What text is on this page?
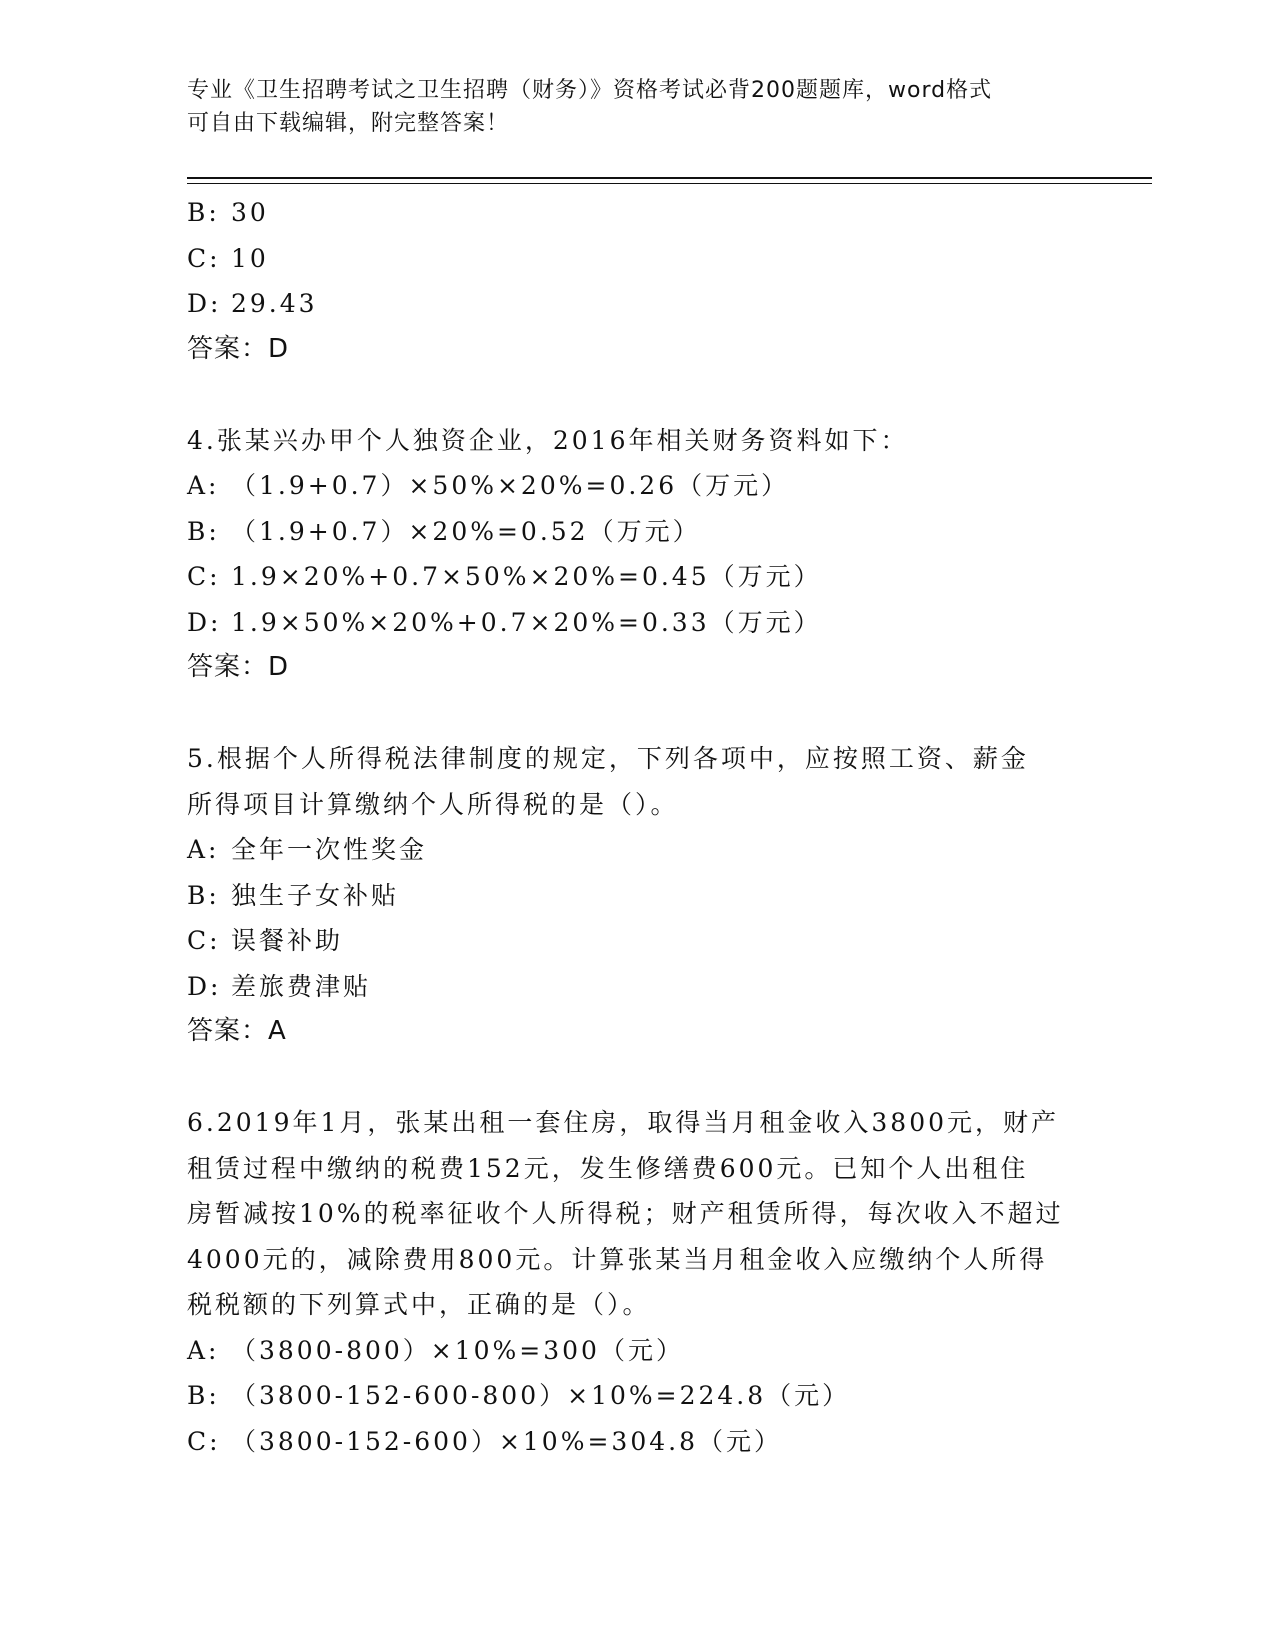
专业《卫生招聘考试之卫生招聘（财务）》资格考试必背200题题库，word格式
可自由下载编辑，附完整答案！
B: 30
C: 10
D: 29.43
答案：D
4.张某兴办甲个人独资企业，2016年相关财务资料如下：
A: （1.9+0.7）×50%×20%=0.26（万元）
B: （1.9+0.7）×20%=0.52（万元）
C: 1.9×20%+0.7×50%×20%=0.45（万元）
D: 1.9×50%×20%+0.7×20%=0.33（万元）
答案：D
5.根据个人所得税法律制度的规定，下列各项中，应按照工资、薪金
所得项目计算缴纳个人所得税的是（）。
A: 全年一次性奖金
B: 独生子女补贴
C: 误餐补助
D: 差旅费津贴
答案：A
6.2019年1月，张某出租一套住房，取得当月租金收入3800元，财产
租赁过程中缴纳的税费152元，发生修缮费600元。已知个人出租住
房暂减按10%的税率征收个人所得税；财产租赁所得，每次收入不超过
4000元的，减除费用800元。计算张某当月租金收入应缴纳个人所得
税税额的下列算式中，正确的是（）。
A: （3800-800）×10%=300（元）
B: （3800-152-600-800）×10%=224.8（元）
C: （3800-152-600）×10%=304.8（元）
